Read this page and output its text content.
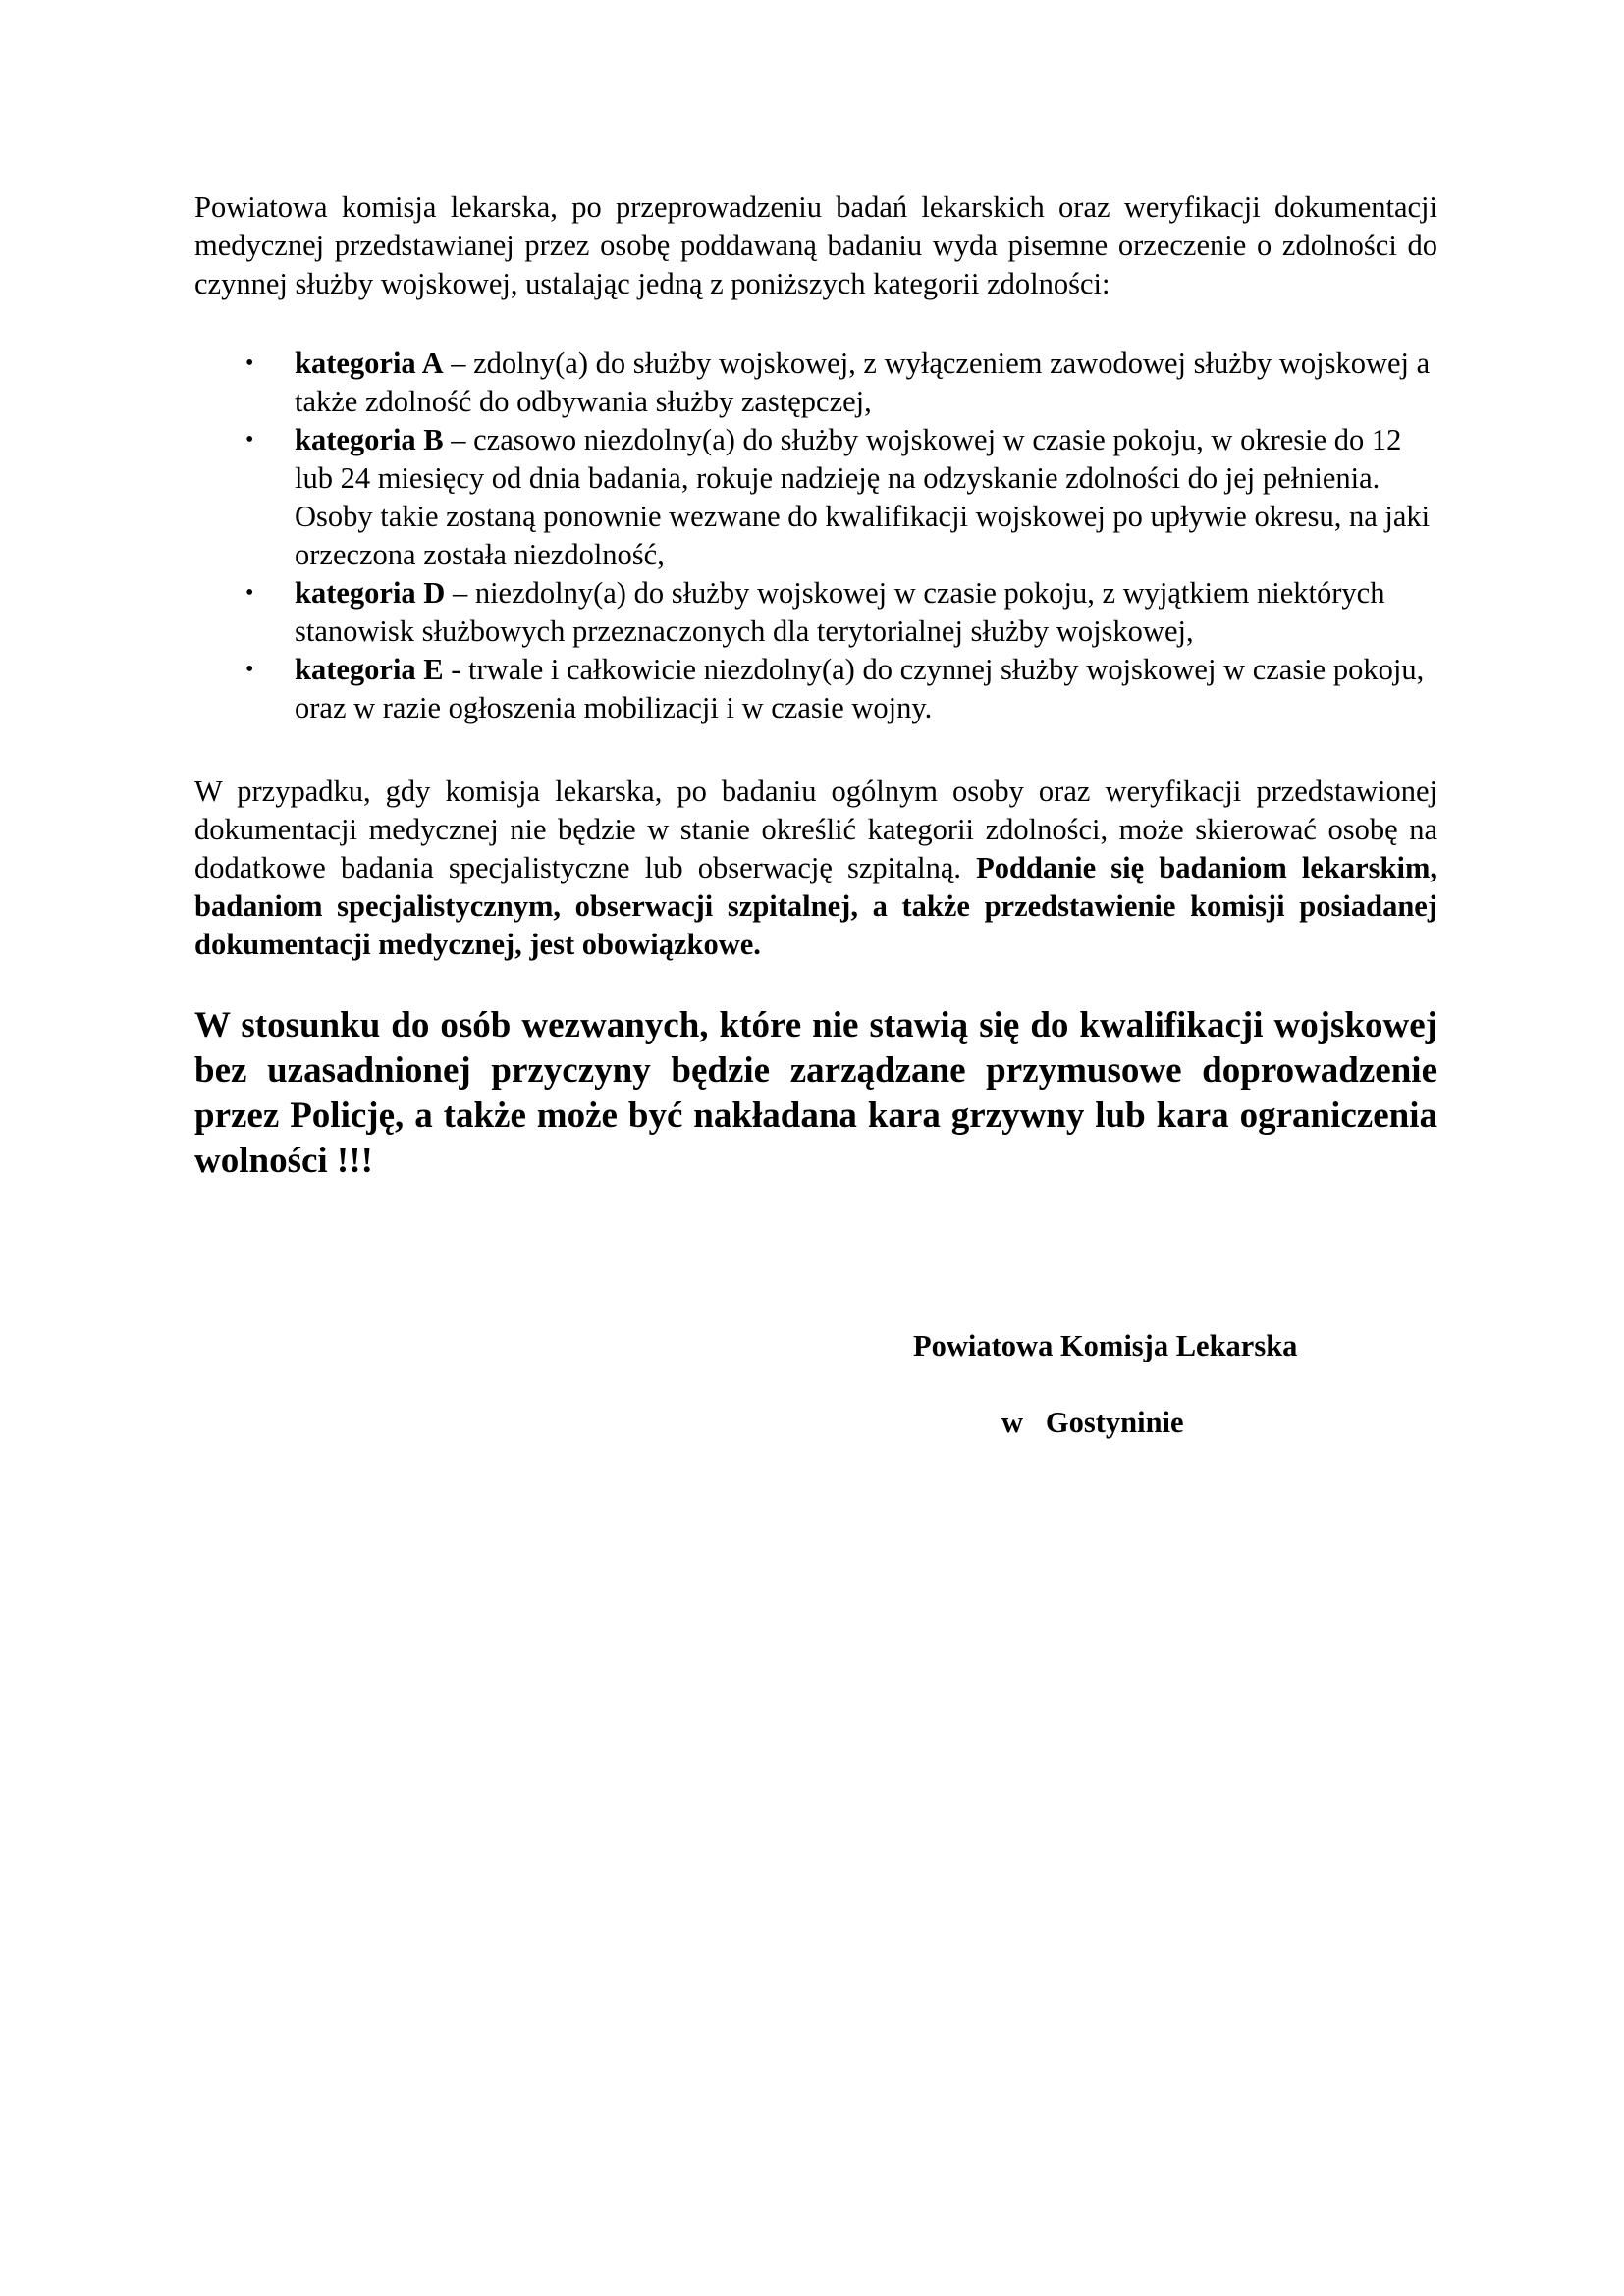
Powiatowa komisja lekarska, po przeprowadzeniu badań lekarskich oraz weryfikacji dokumentacji medycznej przedstawianej przez osobę poddawaną badaniu wyda pisemne orzeczenie o zdolności do czynnej służby wojskowej, ustalając jedną z poniższych kategorii zdolności:

• kategoria A – zdolny(a) do służby wojskowej, z wyłączeniem zawodowej służby wojskowej a także zdolność do odbywania służby zastępczej,
• kategoria B – czasowo niezdolny(a) do służby wojskowej w czasie pokoju, w okresie do 12 lub 24 miesięcy od dnia badania, rokuje nadzieję na odzyskanie zdolności do jej pełnienia. Osoby takie zostaną ponownie wezwane do kwalifikacji wojskowej po upływie okresu, na jaki orzeczona została niezdolność,
• kategoria D – niezdolny(a) do służby wojskowej w czasie pokoju, z wyjątkiem niektórych stanowisk służbowych przeznaczonych dla terytorialnej służby wojskowej,
• kategoria E - trwale i całkowicie niezdolny(a) do czynnej służby wojskowej w czasie pokoju, oraz w razie ogłoszenia mobilizacji i w czasie wojny.

W przypadku, gdy komisja lekarska, po badaniu ogólnym osoby oraz weryfikacji przedstawionej dokumentacji medycznej nie będzie w stanie określić kategorii zdolności, może skierować osobę na dodatkowe badania specjalistyczne lub obserwację szpitalną. Poddanie się badaniom lekarskim, badaniom specjalistycznym, obserwacji szpitalnej, a także przedstawienie komisji posiadanej dokumentacji medycznej, jest obowiązkowe.

W stosunku do osób wezwanych, które nie stawią się do kwalifikacji wojskowej bez uzasadnionej przyczyny będzie zarządzane przymusowe doprowadzenie przez Policję, a także może być nakładana kara grzywny lub kara ograniczenia wolności !!!

Powiatowa Komisja Lekarska
w   Gostyninie
